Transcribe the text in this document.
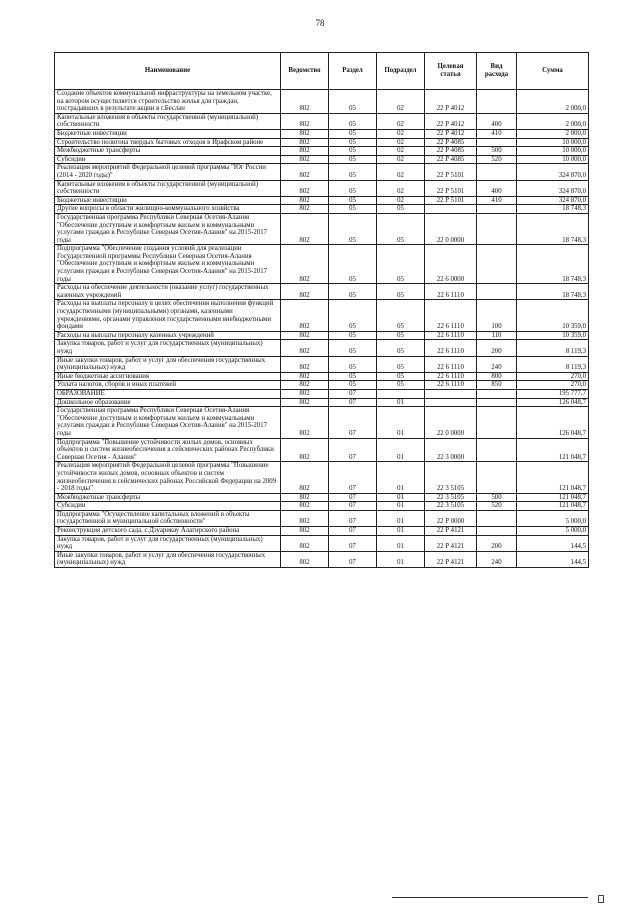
78
Наименование	Ведомство	Раздел	Подраздел	Целевая статья	Вид расхода	Сумма
Создание объектов коммунальной инфраструктуры на земельном участке, на котором осуществляется строительство жилья для граждан, пострадавших в результате акции в г.Беслан	802	05	02	22 Р 4012		2 000,0
Капитальные вложения в объекты государственной (муниципальной) собственности	802	05	02	22 Р 4012	400	2 000,0
Бюджетные инвестиции	802	05	02	22 Р 4012	410	2 000,0
Строительство полигона твердых бытовых отходов в Ирафском районе	802	05	02	22 Р 4085		10 000,0
Межбюджетные трансферты	802	05	02	22 Р 4085	500	10 000,0
Субсидии	802	05	02	22 Р 4085	520	10 000,0
Реализация мероприятий Федеральной целевой программы "Юг России (2014 - 2020 годы)"	802	05	02	22 Р 5101		324 870,0
Капитальные вложения в объекты государственной (муниципальной) собственности	802	05	02	22 Р 5101	400	324 870,0
Бюджетные инвестиции	802	05	02	22 Р 5101	410	324 870,0
Другие вопросы в области жилищно-коммунального хозяйства	802	05	05			18 748,3
Государственная программа Республики Северная Осетия-Алания "Обеспечение доступным и комфортным жильем и коммунальными услугами граждан в Республике Северная Осетия-Алания" на 2015-2017 годы	802	05	05	22 0 0000		18 748,3
Подпрограмма "Обеспечение создания условий для реализации Государственной программы Республики Северная Осетия-Алания "Обеспечение доступным и комфортным жильем и коммунальными услугами граждан в Республике Северная Осетия-Алания" на 2015-2017 годы	802	05	05	22 6 0000		18 748,3
Расходы на обеспечение деятельности (оказание услуг) государственных казенных учреждений	802	05	05	22 6 1110		18 748,3
Расходы на выплаты персоналу в целях обеспечения выполнения функций государственными (муниципальными) органами, казенными учреждениями, органами управления государственными внебюджетными фондами	802	05	05	22 6 1110	100	10 359,0
Расходы на выплаты персоналу казенных учреждений	802	05	05	22 6 1110	110	10 359,0
Закупка товаров, работ и услуг для государственных (муниципальных) нужд	802	05	05	22 6 1110	200	8 119,3
Иные закупки товаров, работ и услуг для обеспечения государственных (муниципальных) нужд	802	05	05	22 6 1110	240	8 119,3
Иные бюджетные ассигнования	802	05	05	22 6 1110	800	270,0
Уплата налогов, сборов и иных платежей	802	05	05	22 6 1110	850	270,0
ОБРАЗОВАНИЕ	802	07				195 777,7
Дошкольное образование	802	07	01			126 048,7
Государственная программа Республики Северная Осетия-Алания "Обеспечение доступным и комфортным жильем и коммунальными услугами граждан в Республике Северная Осетия-Алания" на 2015-2017 годы	802	07	01	22 0 0000		126 048,7
Подпрограмма "Повышение устойчивости жилых домов, основных объектов и систем жизнеобеспечения в сейсмических районах Республики Северная Осетия - Алания"	802	07	01	22 3 0000		121 048,7
Реализация мероприятий Федеральной целевой программы "Повышение устойчивости жилых домов, основных объектов и систем жизнеобеспечения в сейсмических районах Российской Федерации на 2009 - 2018 годы"	802	07	01	22 3 5105		121 048,7
Межбюджетные трансферты	802	07	01	22 3 5105	500	121 048,7
Субсидии	802	07	01	22 3 5105	520	121 048,7
Подпрограмма "Осуществление капитальных вложений в объекты государственной и муниципальной собственности"	802	07	01	22 Р 0000		5 000,0
Реконструкция детского сада, с.Дзуарикау Алагирского района	802	07	01	22 Р 4121		5 000,0
Закупка товаров, работ и услуг для государственных (муниципальных) нужд	802	07	01	22 Р 4121	200	144,5
Иные закупки товаров, работ и услуг для обеспечения государственных (муниципальных) нужд	802	07	01	22 Р 4121	240	144,5
